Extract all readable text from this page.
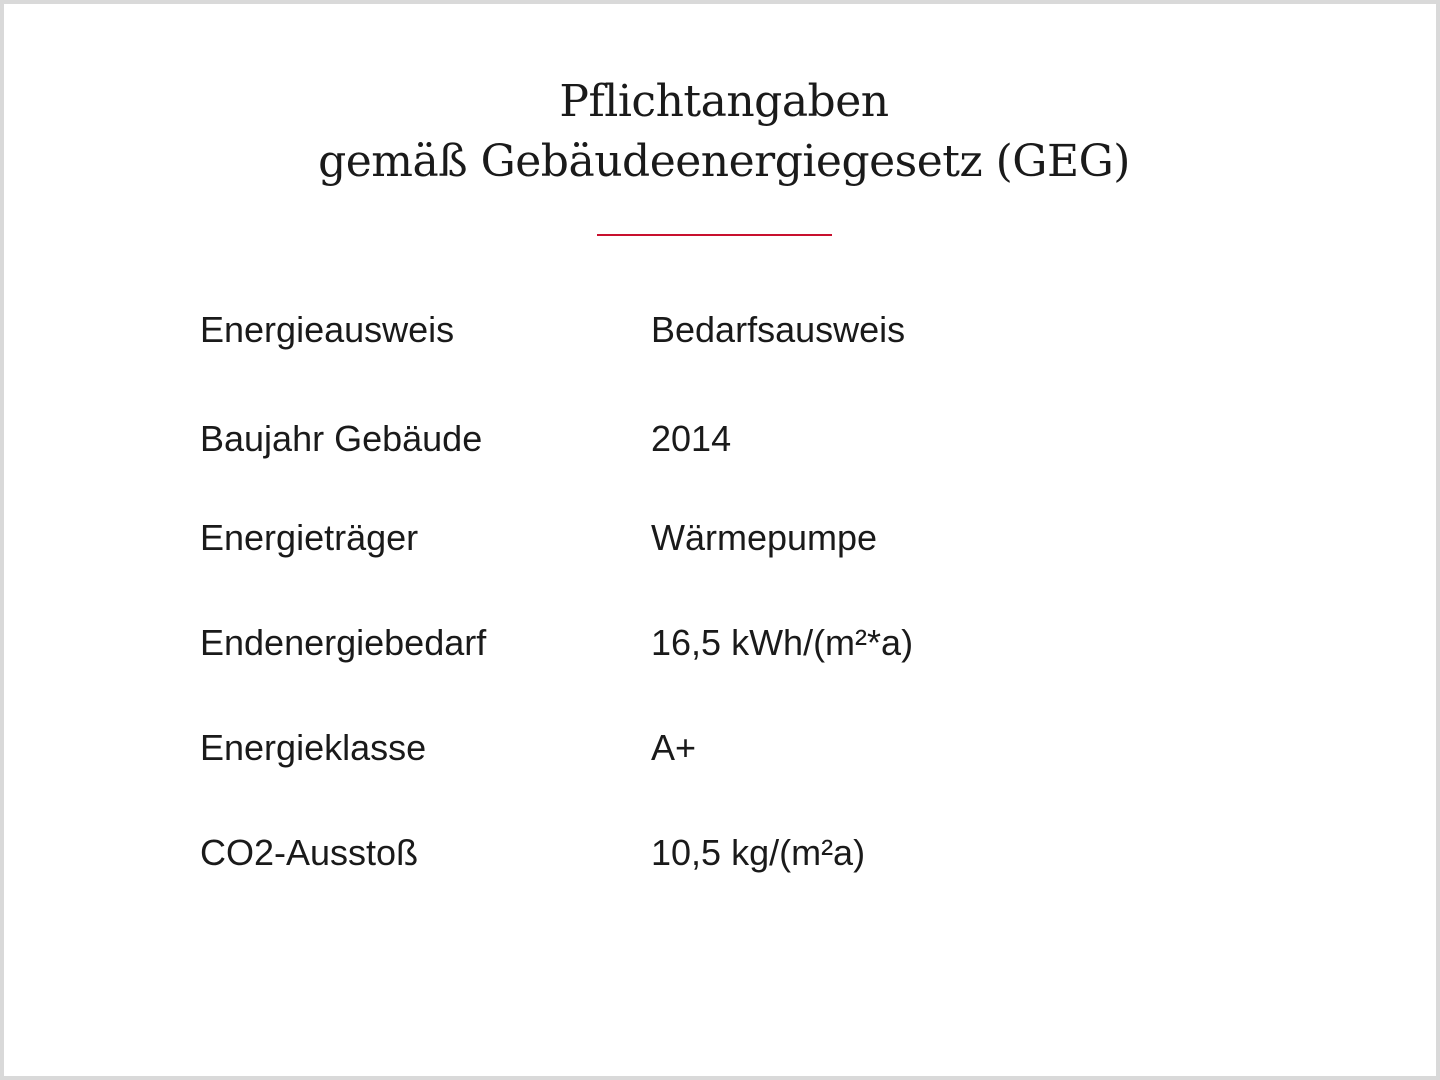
Pflichtangaben
gemäß Gebäudeenergiegesetz (GEG)
Energieausweis	Bedarfsausweis
Baujahr Gebäude	2014
Energieträger	Wärmepumpe
Endenergiebedarf	16,5 kWh/(m²*a)
Energieklasse	A+
CO2-Ausstoß	10,5 kg/(m²a)
